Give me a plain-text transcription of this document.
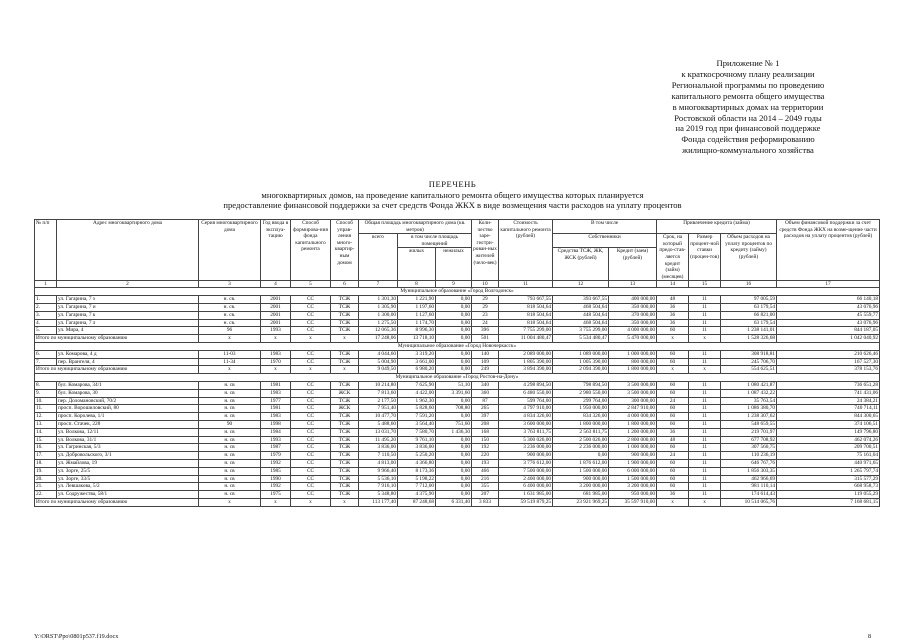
Приложение № 1
к краткосрочному плану реализации
Региональной программы по проведению
капитального ремонта общего имущества
в многоквартирных домах на территории
Ростовской области на 2014 – 2049 годы
на 2019 год при финансовой поддержке
Фонда содействия реформированию
жилищно-коммунального хозяйства
ПЕРЕЧЕНЬ
многоквартирных домов, на проведение капитального ремонта общего имущества которых планируется
предоставление финансовой поддержки за счет средств Фонда ЖКХ в виде возмещения части расходов на уплату процентов
№ п/п	Адрес многоквартирного дома	Серия многоквартирного дома	Год ввода в эксплуа-тацию	Способ формирова-ния фонда капитального ремонта	Способ управ-ления много-квартир-ным домом	Общая площадь многоквартирного дома (кв. метров)			Коли-чество заре-гистри-рован-ных жителей (чело-век)	Стоимость капитального ремонта (рублей)	В том числе		Привлечение кредита (займа)			Объем финансовой поддержки за счет средств Фонда ЖКХ на возме-щение части расходов на уплату процентов (рублей)
						всего	в том числе площадь помещений				Собственники		Срок, на который предо-став-ляется кредит (займ) (месяцев)	Размер процент-ной ставки (процен-тов)	Объем расходов на уплату процентов по кредиту (займу) (рублей)	
							жилых	нежилых			Средства ТСЖ, ЖК, ЖСК (рублей)	Кредит (заем) (рублей)				

1	2	3	4	5	6	7	8	9	10	11	12	13	14	15	16	17
Муниципальное образование «Город Волгодонск»																
1.	ул. Гагарина, 7 з	н. св.	2001	СС	ТСЖ	1 301,30	1 221,90	0,00	29	793 667,55	393 667,55	400 000,00	48	11	97 005,59	66 140,18
2.	ул. Гагарина, 7 и	н. св.	2001	СС	ТСЖ	1 305,90	1 197,60	0,00	29	818 504,64	468 504,64	350 000,00	36	11	63 179,54	43 076,96
3.	ул. Гагарина, 7 к	н. св.	2001	СС	ТСЖ	1 300,00	1 127,60	0,00	23	818 504,64	448 504,64	370 000,00	36	11	66 821,00	45 559,77
4.	ул. Гагарина, 7 л	н. св.	2001	СС	ТСЖ	1 275,50	1 174,70	0,00	24	818 504,64	468 504,64	350 000,00	36	11	63 179,54	43 076,96
5.	ул. Мира, 4	96	1993	СС	ТСЖ	12 065,36	8 996,30	0,00	396	7 755 299,00	3 755 299,00	4 000 000,00	60	11	1 238 141,01	844 187,05
Итого по муниципальному образованию		х	х	х	х	17 248,06	13 718,10	0,00	501	11 004 480,47	5 534 480,47	5 470 000,00	х	х	1 528 326,68	1 042 040,92
Муниципальное образование «Город Новочеркасск»																
6.	ул. Комарова, 4 д	11-03	1983	СС	ТСЖ	4 044,60	3 319,20	0,00	140	2 089 000,00	1 089 000,00	1 000 000,00	60	11	308 918,81	210 626,46
7.	пер. Врангеля, 4	11-34	1970	СС	ТСЖ	5 004,90	3 661,00	0,00	109	1 805 390,00	1 005 390,00	800 000,00	60	11	245 706,70	167 527,30
Итого по муниципальному образованию		х	х	х	х	9 049,50	6 980,20	0,00	249	3 894 390,00	2 094 390,00	1 800 000,00	х	х	554 625,51	378 153,76
Муниципальное образование «Город Ростов-на-Дону»																
8.	бул. Комарова, 34/1	н. св	1981	СС	ТСЖ	10 214,80	7 625,90	51,10	340	4 298 894,50	798 894,50	3 500 000,00	60	11	1 080 421,87	736 651,28
9.	бул. Комарова, 30	н. св	1983	СС	ЖСК	7 813,60	4 422,00	3 391,60	360	6 480 550,00	2 980 550,00	3 500 000,00	60	11	1 087 432,22	741 431,06
10.	пер. Доломановский, 70/2	н. св	1977	СС	ТСЖ	2 177,50	1 962,30	0,00	87	599 764,00	299 764,00	300 000,00	24	11	35 763,54	24 384,21
11.	просп. Ворошиловский, 80	н. св	1981	СС	ЖСК	7 951,40	5 828,60	708,80	265	4 797 910,00	1 950 000,00	2 847 910,00	60	11	1 086 380,70	740 714,11
12.	просп. Королева, 1/1	н. св	1983	СС	ТСЖ	10 477,70	7 591,20	0,00	397	4 834 326,00	834 326,00	4 000 000,00	60	11	1 238 307,62	844 300,65
13.	просп. Стачек, 228	90	1998	СС	ТСЖ	5 488,60	3 564,40	751,60	208	3 600 000,00	1 800 000,00	1 800 000,00	60	11	548 659,55	374 106,51
14.	ул. Волкова, 12/11	н. св	1984	СС	ТСЖ	13 031,70	7 580,70	1 436,30	168	3 763 811,75	2 563 811,75	1 200 000,00	36	11	219 701,97	149 796,80
15.	ул. Волкова, 31/1	н. св	1993	СС	ТСЖ	11 495,20	9 761,10	0,00	150	5 300 026,00	2 500 026,00	2 800 000,00	48	11	677 708,92	462 074,26
16.	ул. Гагринская, 5/3	н. св	1987	СС	ТСЖ	3 836,00	3 836,00	0,00	192	3 236 000,00	2 236 000,00	1 000 000,00	60	11	307 560,75	209 700,51
17.	ул. Добровольского, 3/1	н. св	1979	СС	ТСЖ	7 110,50	5 250,20	0,00	220	900 000,00	0,00	900 000,00	24	11	110 236,19	75 161,04
18.	ул. Жмайлова, 19	н. св	1992	СС	ТСЖ	4 813,00	4 366,80	0,00	193	3 776 612,00	1 876 612,00	1 900 000,00	60	11	646 767,76	440 971,65
19.	ул. Зорге, 25/5	н. св	1985	СС	ТСЖ	9 966,40	8 173,36	0,00	466	7 500 000,00	1 500 000,00	6 000 000,00	60	11	1 856 303,35	1 265 797,74
20.	ул. Зорге, 33/5	н. св	1990	СС	ТСЖ	5 536,10	5 198,22	0,00	216	2 400 000,00	900 000,00	1 500 000,00	60	11	462 966,69	315 577,29
21.	ул. Левшакова, 5/2	н. св	1992	СС	ТСЖ	7 916,10	7 712,00	0,00	355	6 400 000,00	3 200 000,00	3 200 000,00	60	11	981 110,14	668 958,73
22.	ул. Содружества, 58/1	н. св	1975	СС	ТСЖ	5 348,80	4 375,90	0,00	207	1 631 985,00	681 985,00	950 000,00	36	11	174 614,43	119 055,29
Итого по муниципальному образованию		х	х	х	х	113 177,40	87 248,68	6 331,40	3 833	59 519 879,25	23 921 969,25	35 597 910,00	х	х	10 514 065,76	7 168 681,15
Y:\ORST\Ppo\0801p537.f19.docx	8
